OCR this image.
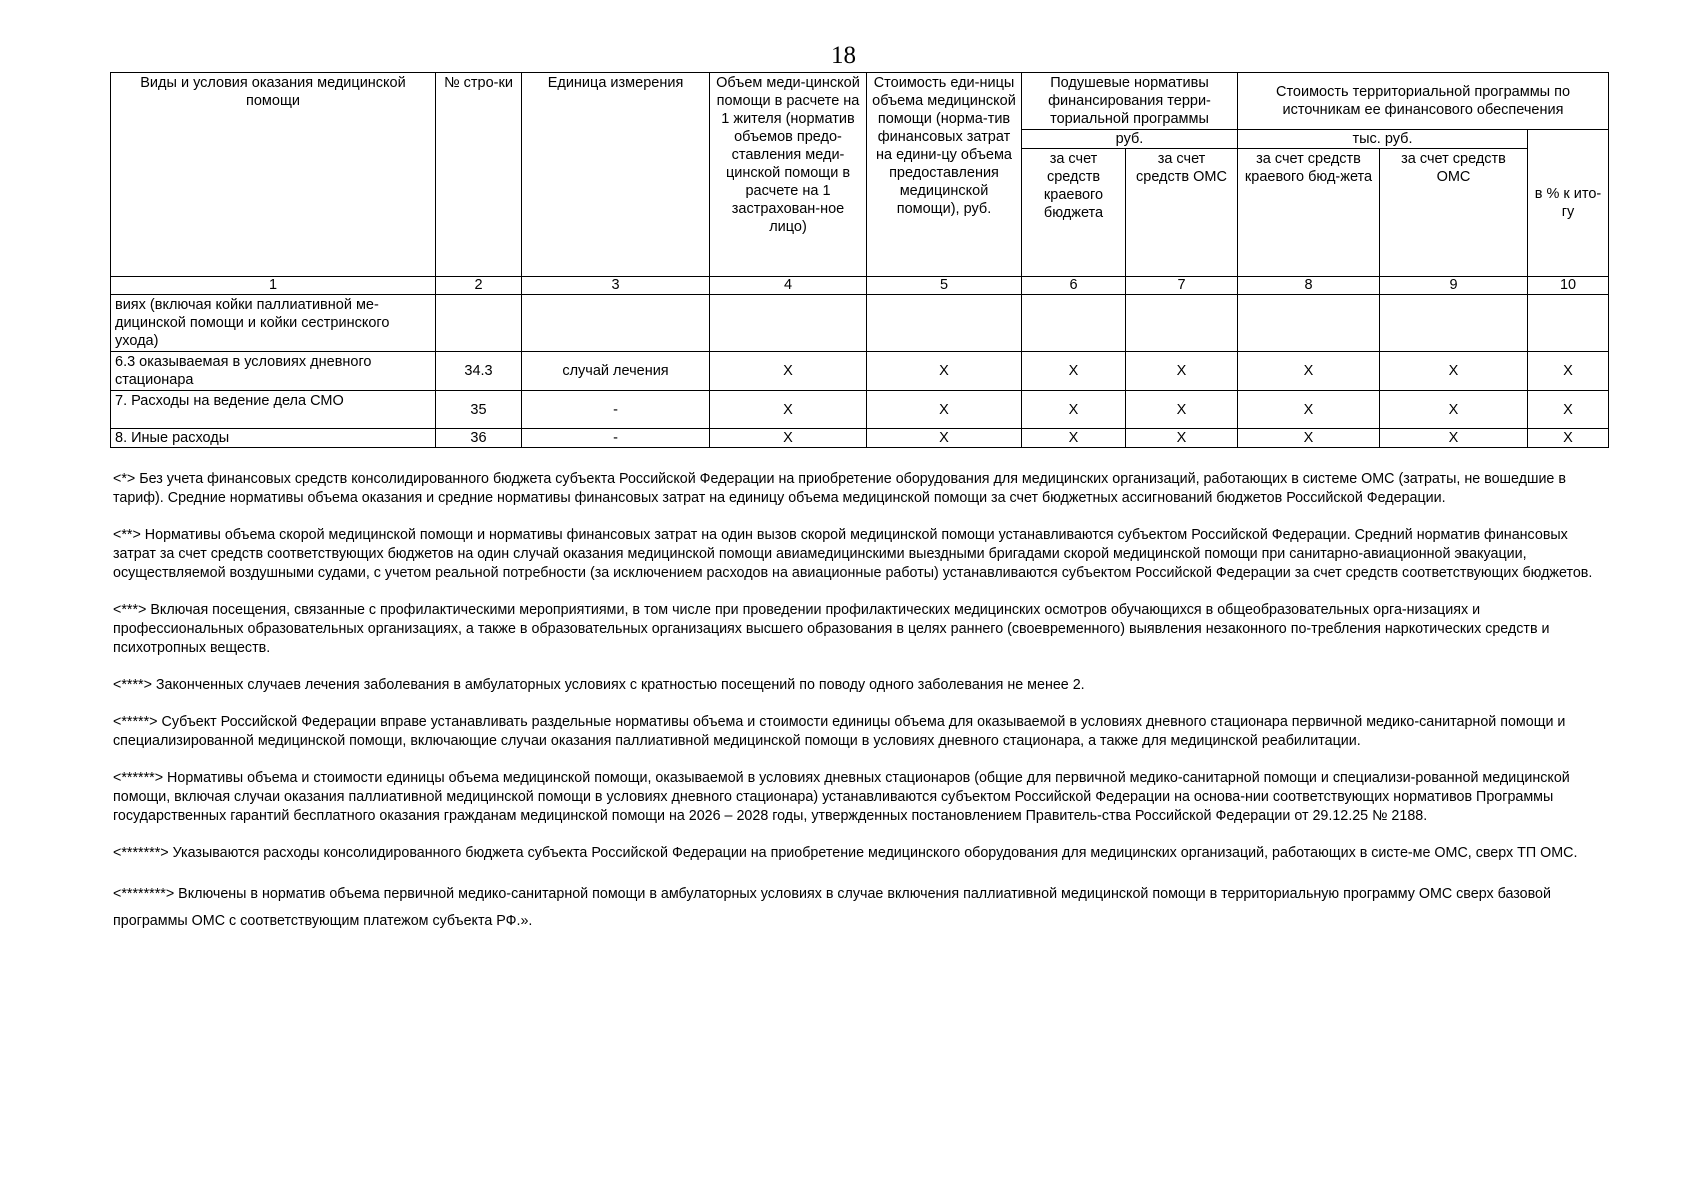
18
Виды и условия оказания медицинской помощи	№ стро-ки	Единица измерения	Объем меди-цинской помощи в расчете на 1 жителя (норматив объемов предо-ставления меди-цинской помощи в расчете на 1 застрахован-ное лицо)	Стоимость еди-ницы объема медицинской помощи (норма-тив финансовых затрат на едини-цу объема предоставления медицинской помощи), руб.	Подушевые нормативы финансирования терри-ториальной программы		Стоимость территориальной программы по источникам ее финансового обеспечения		
					руб.		тыс. руб.		в % к ито-гу
					за счет средств краевого бюджета	за счет средств ОМС	за счет средств краевого бюд-жета	за счет средств ОМС	
1	2	3	4	5	6	7	8	9	10
виях (включая койки паллиативной ме-дицинской помощи и койки сестринского ухода)									
6.3 оказываемая в условиях дневного стационара	34.3	случай лечения	X	X	X	X	X	X	X
7. Расходы на ведение дела СМО	35	-	X	X	X	X	X	X	X
8. Иные расходы	36	-	X	X	X	X	X	X	X

<*> Без учета финансовых средств консолидированного бюджета субъекта Российской Федерации на приобретение оборудования для медицинских организаций, работающих в системе ОМС (затраты, не вошедшие в тариф). Средние нормативы объема оказания и средние нормативы финансовых затрат на единицу объема медицинской помощи за счет бюджетных ассигнований бюджетов Российской Федерации.

<**> Нормативы объема скорой медицинской помощи и нормативы финансовых затрат на один вызов скорой медицинской помощи устанавливаются субъектом Российской Федерации. Средний норматив финансовых затрат за счет средств соответствующих бюджетов на один случай оказания медицинской помощи авиамедицинскими выездными бригадами скорой медицинской помощи при санитарно-авиационной эвакуации, осуществляемой воздушными судами, с учетом реальной потребности (за исключением расходов на авиационные работы) устанавливаются субъектом Российской Федерации за счет средств соответствующих бюджетов.

<***> Включая посещения, связанные с профилактическими мероприятиями, в том числе при проведении профилактических медицинских осмотров обучающихся в общеобразовательных орга-низациях и профессиональных образовательных организациях, а также в образовательных организациях высшего образования в целях раннего (своевременного) выявления незаконного по-требления наркотических средств и психотропных веществ.

<****> Законченных случаев лечения заболевания в амбулаторных условиях с кратностью посещений по поводу одного заболевания не менее 2.

<*****> Субъект Российской Федерации вправе устанавливать раздельные нормативы объема и стоимости единицы объема для оказываемой в условиях дневного стационара первичной медико-санитарной помощи и специализированной медицинской помощи, включающие случаи оказания паллиативной медицинской помощи в условиях дневного стационара, а также для медицинской реабилитации.

<******> Нормативы объема и стоимости единицы объема медицинской помощи, оказываемой в условиях дневных стационаров (общие для первичной медико-санитарной помощи и специализи-рованной медицинской помощи, включая случаи оказания паллиативной медицинской помощи в условиях дневного стационара) устанавливаются субъектом Российской Федерации на основа-нии соответствующих нормативов Программы государственных гарантий бесплатного оказания гражданам медицинской помощи на 2026 – 2028 годы, утвержденных постановлением Правитель-ства Российской Федерации от 29.12.25 № 2188.

<*******> Указываются расходы консолидированного бюджета субъекта Российской Федерации на приобретение медицинского оборудования для медицинских организаций, работающих в систе-ме ОМС, сверх ТП ОМС.

<********> Включены в норматив объема первичной медико-санитарной помощи в амбулаторных условиях в случае включения паллиативной медицинской помощи в территориальную программу ОМС сверх базовой программы ОМС с соответствующим платежом субъекта РФ.».
